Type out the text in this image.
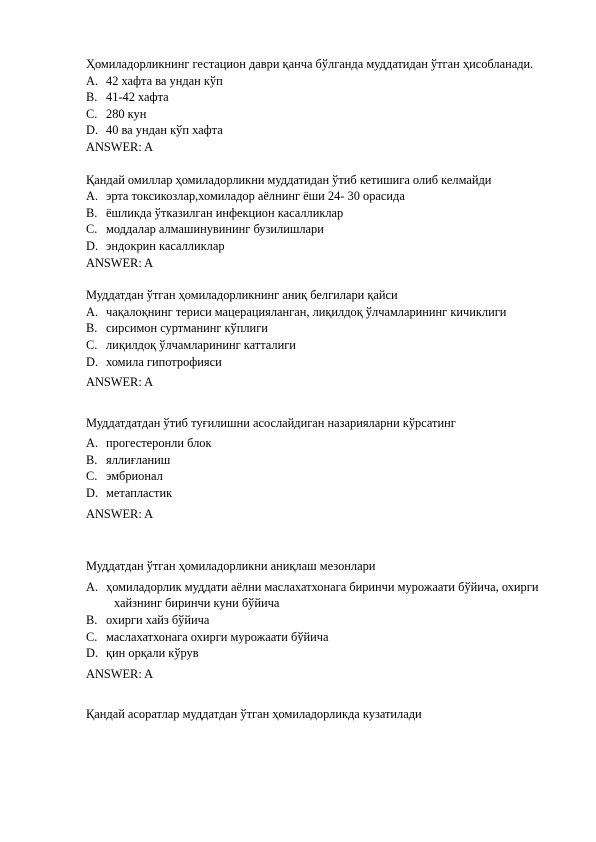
Ҳомиладорликнинг гестацион даври қанча бўлганда муддатидан ўтган ҳисобланади.

A. 42 хафта ва ундан кўп
B. 41-42 хафта
C. 280 кун
D. 40 ва ундан кўп хафта

ANSWER: A

Қандай омиллар ҳомиладорликни муддатидан ўтиб кетишига олиб келмайди

A. эрта токсикозлар,хомиладор аёлнинг ёши 24- 30 орасида
B. ёшликда ўтказилган инфекцион касалликлар
C. моддалар алмашинувининг бузилишлари
D. эндокрин касалликлар

ANSWER: A

Муддатдан ўтган ҳомиладорликнинг аниқ белгилари қайси

A. чақалоқнинг териси мацерацияланган, лиқилдоқ ўлчамларининг кичиклиги
B. сирсимон суртманинг кўплиги
C. лиқилдоқ ўлчамларининг катталиги
D. хомила гипотрофияси

ANSWER: A

Муддатдатдан ўтиб туғилишни асослайдиган назарияларни кўрсатинг

A. прогестеронли блок
B. яллиғланиш
C. эмбрионал
D. метапластик

ANSWER: A

Муддатдан ўтган ҳомиладорликни аниқлаш мезонлари

A. ҳомиладорлик муддати аёлни маслахатхонага биринчи мурожаати бўйича, охирги хайзнинг биринчи куни бўйича
B. охирги хайз бўйича
C. маслахатхонага охирги мурожаати бўйича
D. қин орқали кўрув

ANSWER: A

Қандай асоратлар муддатдан ўтган ҳомиладорликда кузатилади
